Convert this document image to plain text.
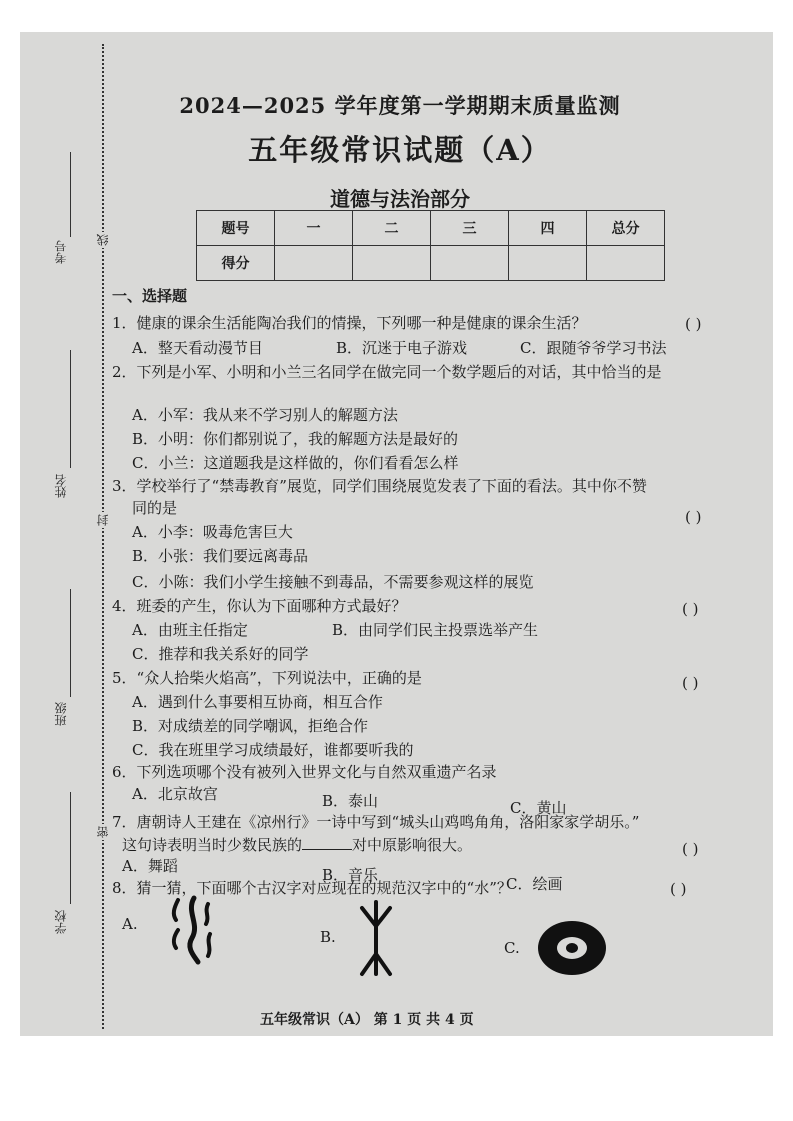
线
封
密
考号
姓名
班级
学校
2024—2025 学年度第一学期期末质量监测
五年级常识试题（A）
道德与法治部分
题号	一	二	三	四	总分
得分					
一、选择题
1．健康的课余生活能陶冶我们的情操，下列哪一种是健康的课余生活？	( )
A．整天看动漫节目	B．沉迷于电子游戏	C．跟随爷爷学习书法
2．下列是小军、小明和小兰三名同学在做完同一个数学题后的对话，其中恰当的是
A．小军：我从来不学习别人的解题方法
B．小明：你们都别说了，我的解题方法是最好的
C．小兰：这道题我是这样做的，你们看看怎么样
3．学校举行了“禁毒教育”展览，同学们围绕展览发表了下面的看法。其中你不赞
同的是	( )
A．小李：吸毒危害巨大
B．小张：我们要远离毒品
C．小陈：我们小学生接触不到毒品，不需要参观这样的展览
4．班委的产生，你认为下面哪种方式最好？	( )
A．由班主任指定	B．由同学们民主投票选举产生
C．推荐和我关系好的同学
5．“众人拾柴火焰高”，下列说法中，正确的是	( )
A．遇到什么事要相互协商，相互合作
B．对成绩差的同学嘲讽，拒绝合作
C．我在班里学习成绩最好，谁都要听我的
6．下列选项哪个没有被列入世界文化与自然双重遗产名录
A．北京故宫	B．泰山	C．黄山
7．唐朝诗人王建在《凉州行》一诗中写到“城头山鸡鸣角角，洛阳家家学胡乐。”
这句诗表明当时少数民族的	对中原影响很大。	( )
A．舞蹈	B．音乐	C．绘画
8．猜一猜，下面哪个古汉字对应现在的规范汉字中的“水”？	( )
A.
B.
C.
五年级常识（A） 第 1 页 共 4 页
